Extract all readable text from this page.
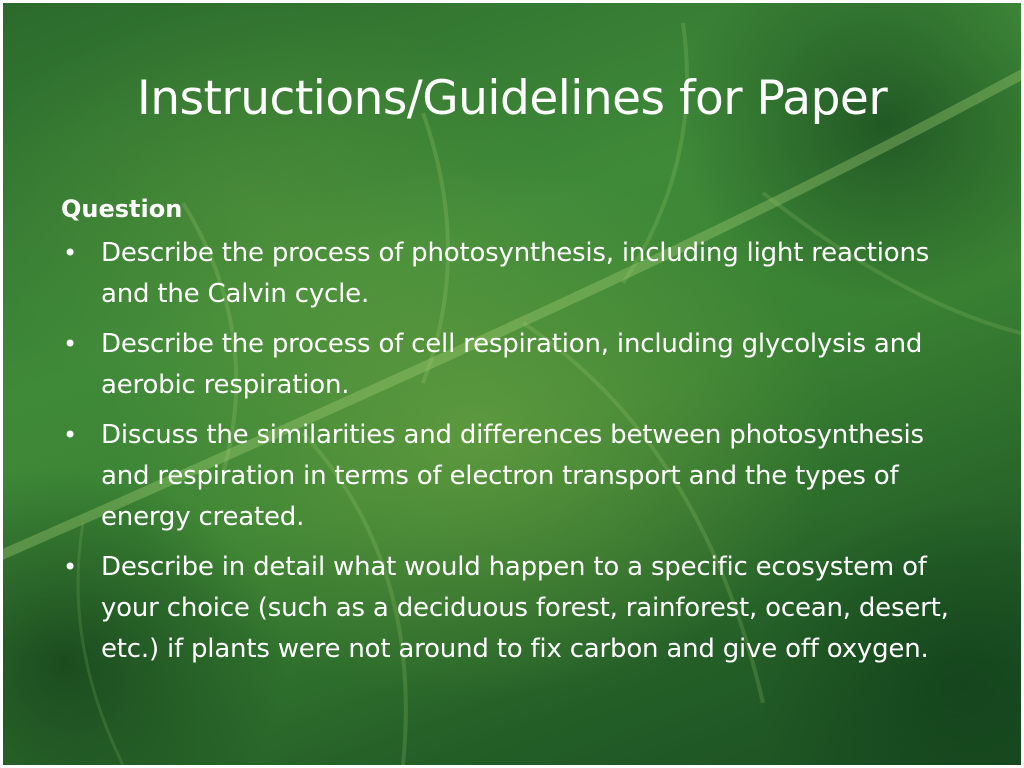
Instructions/Guidelines for Paper
Question
• Describe the process of photosynthesis, including light reactions and the Calvin cycle.
• Describe the process of cell respiration, including glycolysis and aerobic respiration.
• Discuss the similarities and differences between photosynthesis and respiration in terms of electron transport and the types of energy created.
• Describe in detail what would happen to a specific ecosystem of your choice (such as a deciduous forest, rainforest, ocean, desert, etc.) if plants were not around to fix carbon and give off oxygen.
